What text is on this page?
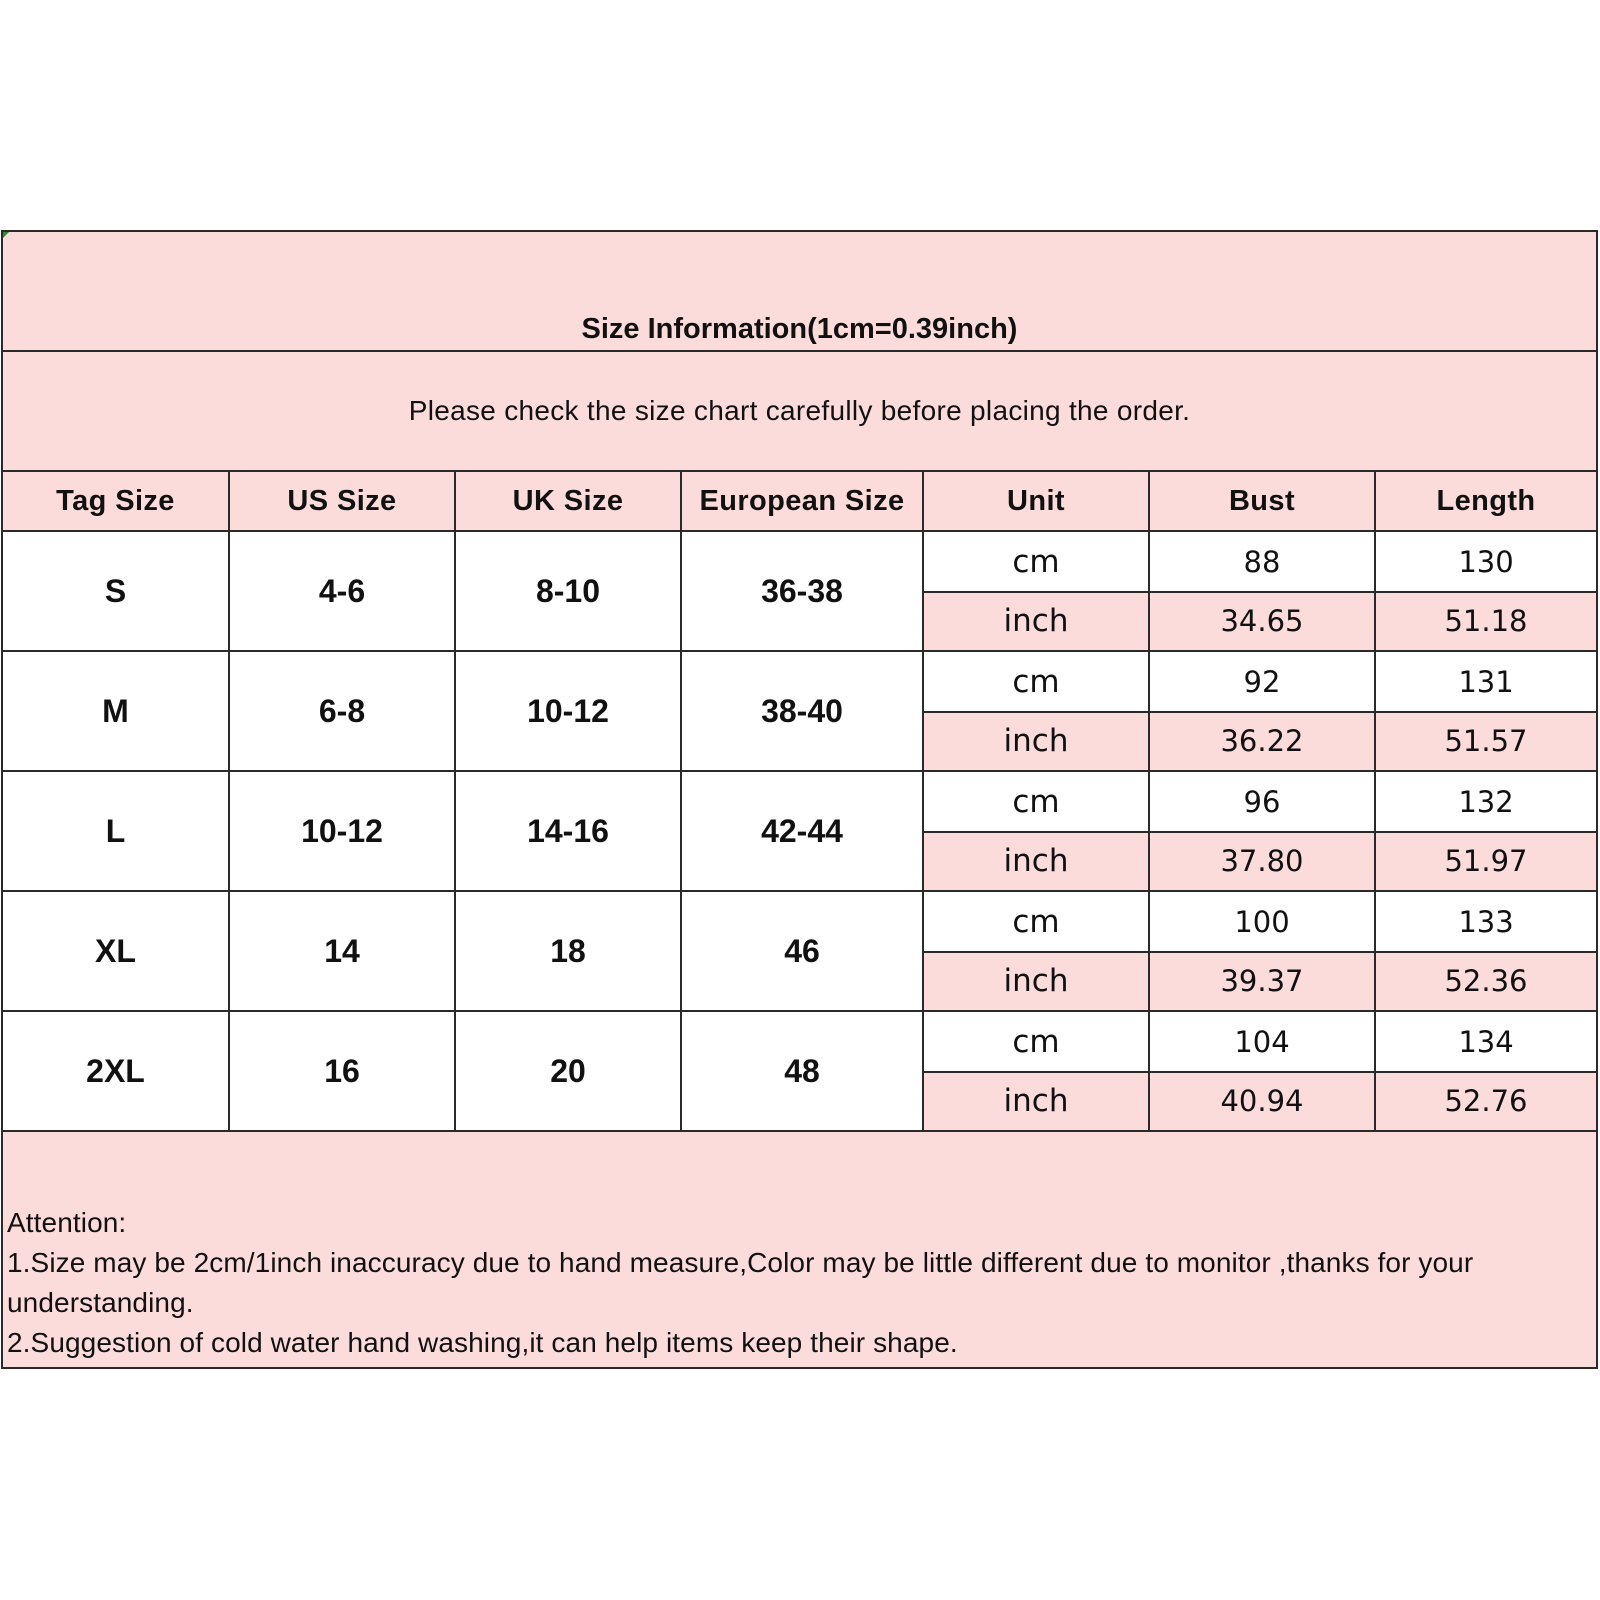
Size Information(1cm=0.39inch)
Please check the size chart carefully before placing the order.
Tag Size	US Size	UK Size	European Size	Unit	Bust	Length
S	4-6	8-10	36-38
cm	88	130
inch	34.65	51.18
M	6-8	10-12	38-40
cm	92	131
inch	36.22	51.57
L	10-12	14-16	42-44
cm	96	132
inch	37.80	51.97
XL	14	18	46
cm	100	133
inch	39.37	52.36
2XL	16	20	48
cm	104	134
inch	40.94	52.76
Attention:
1.Size may be 2cm/1inch inaccuracy due to hand measure,Color may be little different due to monitor ,thanks for your understanding.
2.Suggestion of cold water hand washing,it can help items keep their shape.
